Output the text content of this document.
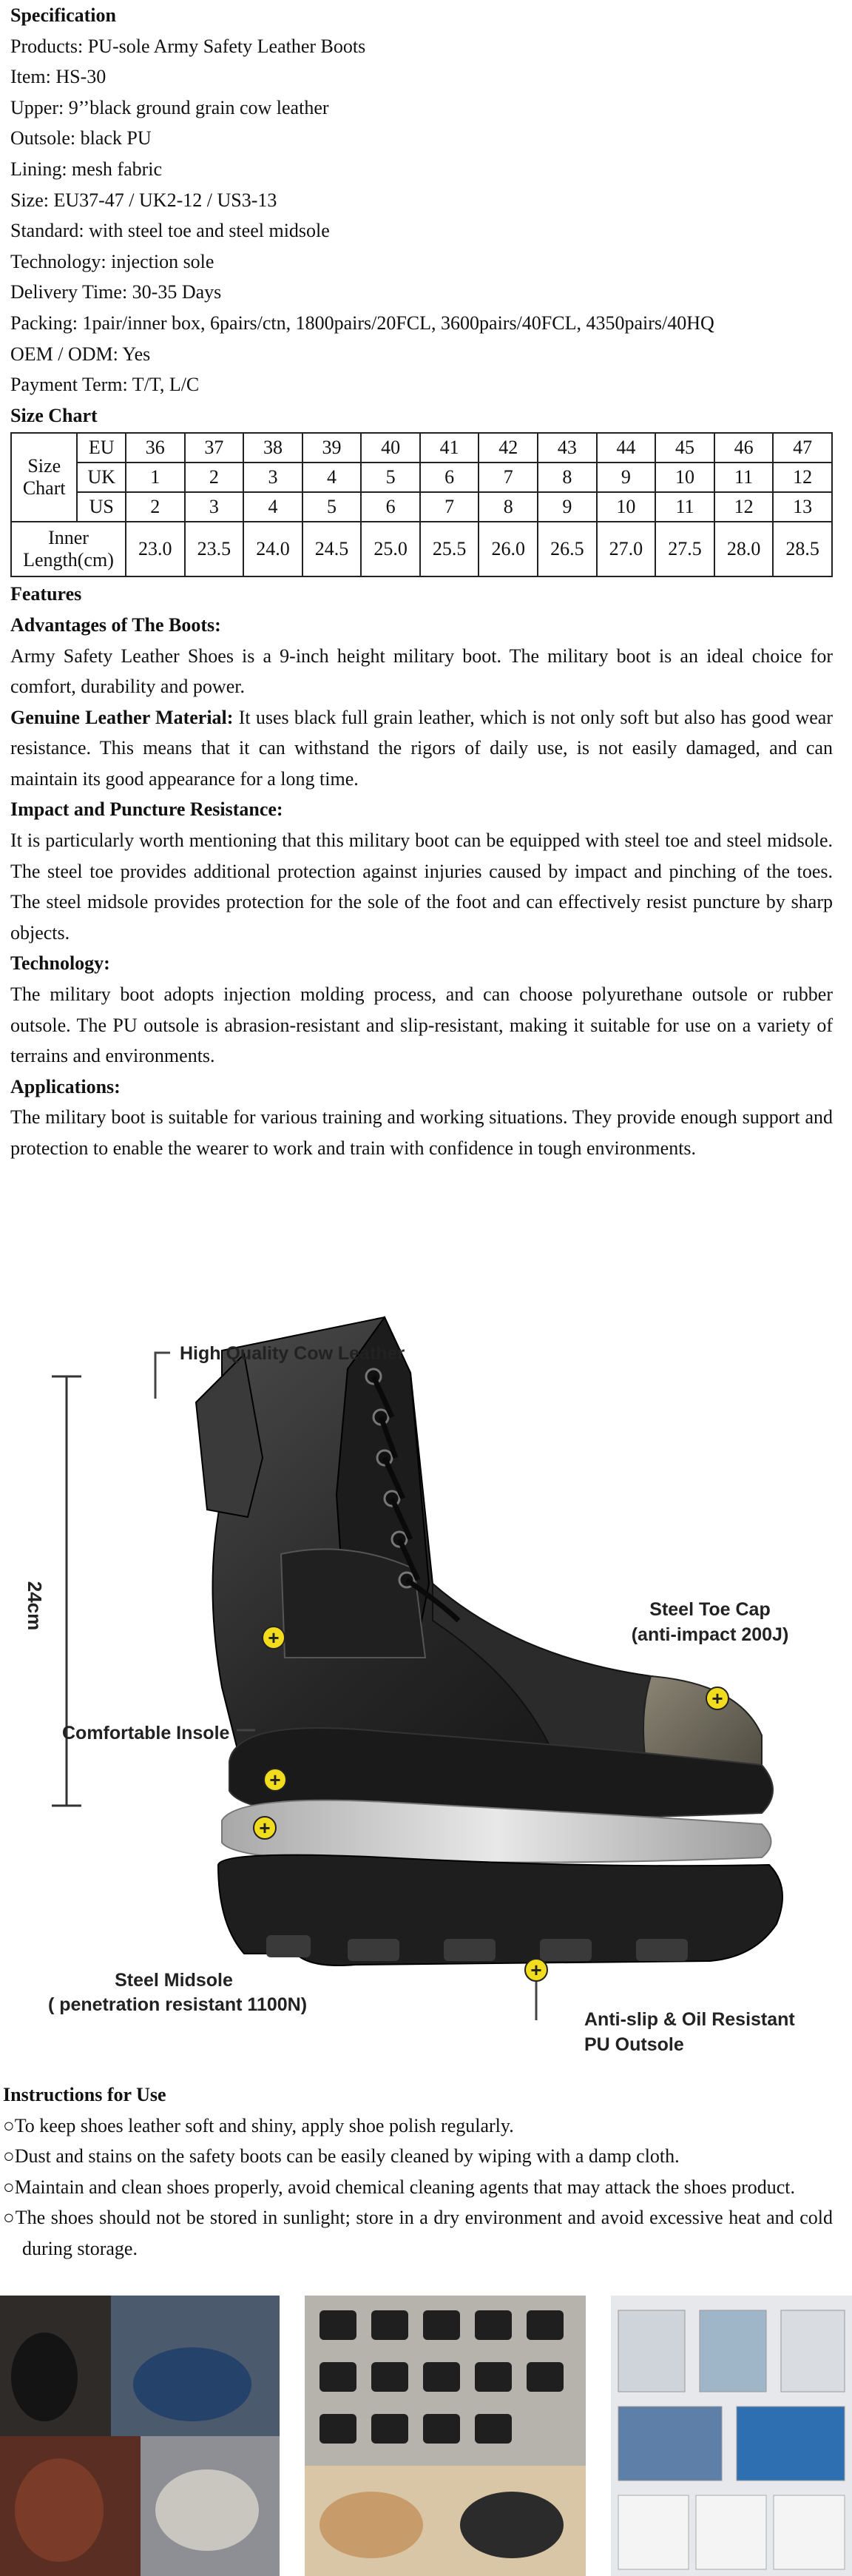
Specification
Products: PU-sole Army Safety Leather Boots
Item: HS-30
Upper: 9’’black ground grain cow leather
Outsole: black PU
Lining: mesh fabric
Size: EU37-47 / UK2-12 / US3-13
Standard: with steel toe and steel midsole
Technology: injection sole
Delivery Time: 30-35 Days
Packing: 1pair/inner box, 6pairs/ctn, 1800pairs/20FCL, 3600pairs/40FCL, 4350pairs/40HQ
OEM / ODM: Yes
Payment Term: T/T, L/C
Size Chart
Size Chart	EU	36	37	38	39	40	41	42	43	44	45	46	47
	UK	1	2	3	4	5	6	7	8	9	10	11	12
	US	2	3	4	5	6	7	8	9	10	11	12	13
Inner Length(cm)		23.0	23.5	24.0	24.5	25.0	25.5	26.0	26.5	27.0	27.5	28.0	28.5
Features
Advantages of The Boots:
Army Safety Leather Shoes is a 9-inch height military boot. The military boot is an ideal choice for comfort, durability and power.
Genuine Leather Material: It uses black full grain leather, which is not only soft but also has good wear resistance. This means that it can withstand the rigors of daily use, is not easily damaged, and can maintain its good appearance for a long time.
Impact and Puncture Resistance:
It is particularly worth mentioning that this military boot can be equipped with steel toe and steel midsole. The steel toe provides additional protection against injuries caused by impact and pinching of the toes. The steel midsole provides protection for the sole of the foot and can effectively resist puncture by sharp objects.
Technology:
The military boot adopts injection molding process, and can choose polyurethane outsole or rubber outsole. The PU outsole is abrasion-resistant and slip-resistant, making it suitable for use on a variety of terrains and environments.
Applications:
The military boot is suitable for various training and working situations. They provide enough support and protection to enable the wearer to work and train with confidence in tough environments.
24cm
+
+
+
+
+
High Quality Cow Leather
Steel Toe Cap
(anti-impact 200J)
Comfortable Insole
Steel Midsole
( penetration resistant 1100N)
Anti-slip & Oil Resistant
PU Outsole
Instructions for Use
○To keep shoes leather soft and shiny, apply shoe polish regularly.
○Dust and stains on the safety boots can be easily cleaned by wiping with a damp cloth.
○Maintain and clean shoes properly, avoid chemical cleaning agents that may attack the shoes product.
○The shoes should not be stored in sunlight; store in a dry environment and avoid excessive heat and cold during storage.
